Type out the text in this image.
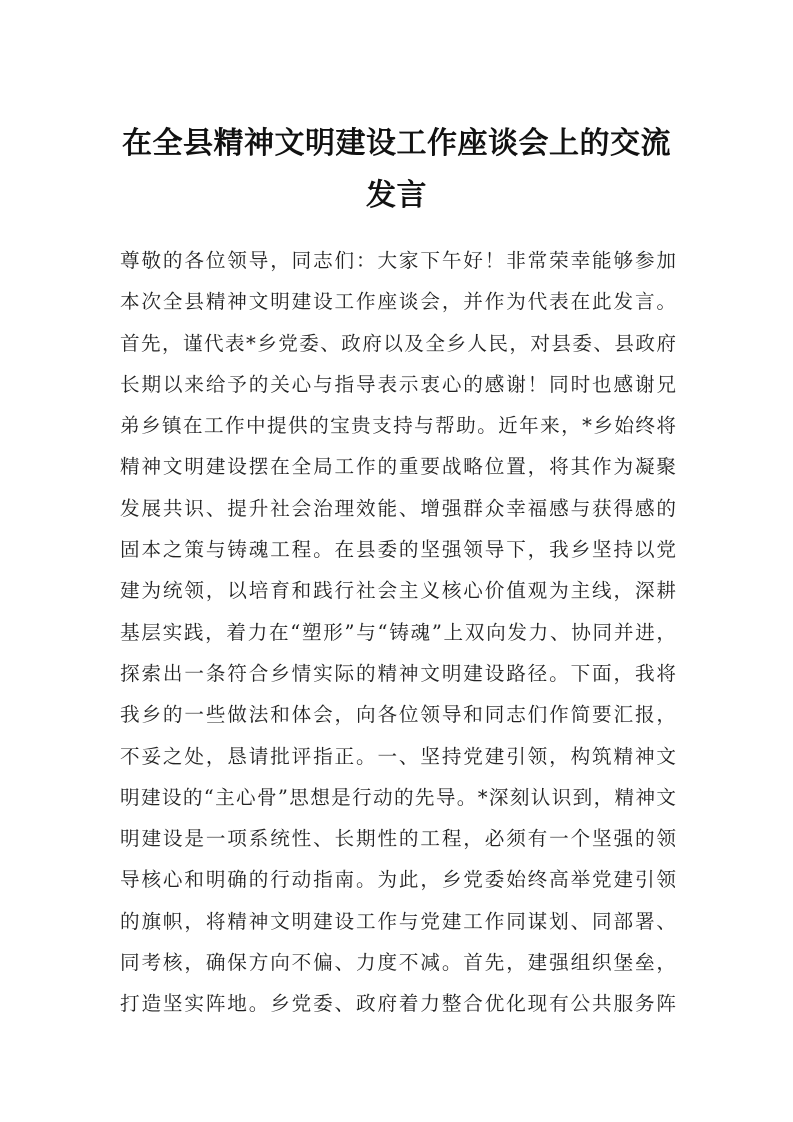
在全县精神文明建设工作座谈会上的交流发言
尊敬的各位领导，同志们：大家下午好！非常荣幸能够参加
本次全县精神文明建设工作座谈会，并作为代表在此发言。
首先，谨代表*乡党委、政府以及全乡人民，对县委、县政府
长期以来给予的关心与指导表示衷心的感谢！同时也感谢兄
弟乡镇在工作中提供的宝贵支持与帮助。近年来，*乡始终将
精神文明建设摆在全局工作的重要战略位置，将其作为凝聚
发展共识、提升社会治理效能、增强群众幸福感与获得感的
固本之策与铸魂工程。在县委的坚强领导下，我乡坚持以党
建为统领，以培育和践行社会主义核心价值观为主线，深耕
基层实践，着力在“塑形”与“铸魂”上双向发力、协同并进，
探索出一条符合乡情实际的精神文明建设路径。下面，我将
我乡的一些做法和体会，向各位领导和同志们作简要汇报，
不妥之处，恳请批评指正。一、坚持党建引领，构筑精神文
明建设的“主心骨”思想是行动的先导。*深刻认识到，精神文
明建设是一项系统性、长期性的工程，必须有一个坚强的领
导核心和明确的行动指南。为此，乡党委始终高举党建引领
的旗帜，将精神文明建设工作与党建工作同谋划、同部署、
同考核，确保方向不偏、力度不减。首先，建强组织堡垒，
打造坚实阵地。乡党委、政府着力整合优化现有公共服务阵
